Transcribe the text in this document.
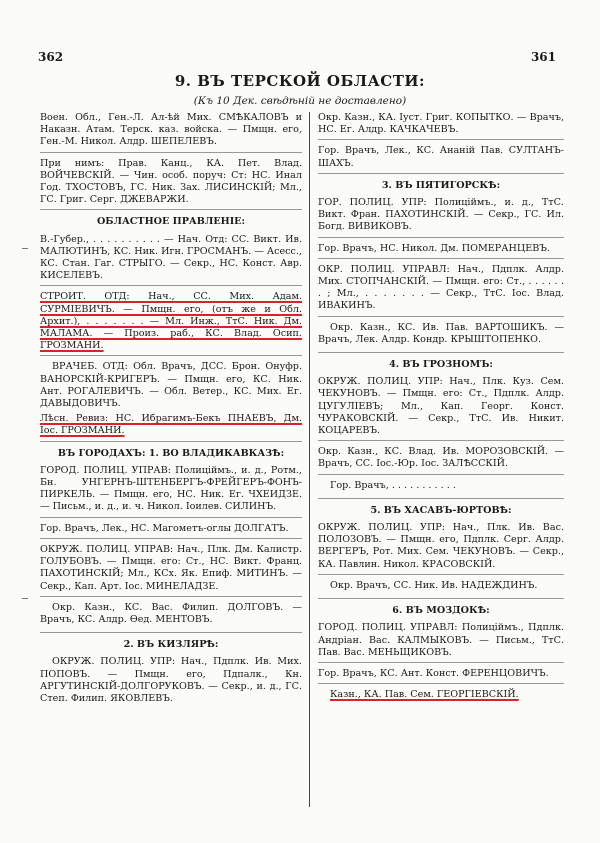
362	361
9. ВЪ ТЕРСКОЙ ОБЛАСТИ:
(Къ 10 Дек. свѣдѣній не доставлено)

Воен. Обл., Ген.-Л. Ал-ѣй Мих. СМѢКАЛОВЪ и Наказн. Атам. Терск. каз. войска. — Пмщн. его, Ген.-М. Никол. Алдр. ШЕПЕЛЕВЪ.

При нимъ: Прав. Канц., КА. Пет. Влад. ВОЙЧЕВСКІЙ. — Чин. особ. поруч: Ст: НС. Инал Год. ТХОСТОВЪ, ГС. Ник. Зах. ЛИСИНСКІЙ; Мл., ГС. Григ. Серг. ДЖЕВАРЖИ.

ОБЛАСТНОЕ ПРАВЛЕНІЕ:

В.-Губер., . . . . . . . . . . — Нач. Отд: СС. Викт. Ив. МАЛЮТИНЪ, КС. Ник. Игн. ГРОСМАНЪ. — Асесс., КС. Стан. Гаг. СТРЫГО. — Секр., НС. Конст. Авр. КИСЕЛЕВЪ.

СТРОИТ. ОТД: Нач., СС. Мих. Адам. СУРМІЕВИЧЪ. — Пмщн. его, (отъ же и Обл. Архит.), . . . . . . . — Мл. Инж., ТтС. Ник. Дм. МАЛАМА. — Произ. раб., КС. Влад. Осип. ГРОЗМАНИ.

ВРАЧЕБ. ОТД: Обл. Врачъ, ДСС. Брон. Онуфр. ВАНОРСКІЙ-КРИГЕРЪ. — Пмщн. его, КС. Ник. Ант. РОГАЛЕВИЧЪ. — Обл. Ветер., КС. Мих. Ег. ДАВЫДОВИЧЪ.

Лѣсн. Ревиз: НС. Ибрагимъ-Бекъ ПНАЕВЪ, Дм. Іос. ГРОЗМАНИ.

ВЪ ГОРОДАХЪ: 1. ВО ВЛАДИКАВКАЗѢ:

ГОРОД. ПОЛИЦ. УПРАВ: Полиціймъ., и. д., Ротм., Бн. УНГЕРНЪ-ШТЕНБЕРГЪ-ФРЕЙГЕРЪ-ФОНЪ-ПИРКЕЛЬ. — Пмщн. его, НС. Ник. Ег. ЧХЕИДЗЕ. — Письм., и. д., и. ч. Никол. Іоилев. СИЛИНЪ.

Гор. Врачъ, Лек., НС. Магометъ-оглы ДОЛГАТЪ.

ОКРУЖ. ПОЛИЦ. УПРАВ: Нач., Плк. Дм. Калистр. ГОЛУБОВЪ. — Пмщн. его: Ст., НС. Викт. Франц. ПАХОТИНСКІЙ; Мл., КСх. Як. Епиф. МИТИНЪ. — Секр., Кап. Арт. Іос. МИНЕЛАДЗЕ.

Окр. Казн., КС. Вас. Филип. ДОЛГОВЪ. — Врачъ, КС. Алдр. Ѳед. МЕНТОВЪ.

2. ВЪ КИЗЛЯРѢ:

ОКРУЖ. ПОЛИЦ. УПР: Нач., Пдплк. Ив. Мих. ПОПОВЪ. — Пмщн. его, Пдпалк., Кн. АРГУТИНСКІЙ-ДОЛГОРУКОВЪ. — Секр., и. д., ГС. Степ. Филип. ЯКОВЛЕВЪ.

Окр. Казн., КА. Іуст. Григ. КОПЫТКО. — Врачъ, НС. Ег. Алдр. КАЧКАЧЕВЪ.

Гор. Врачъ, Лек., КС. Ананій Пав. СУЛТАНЪ-ШАХЪ.

3. ВЪ ПЯТИГОРСКѢ:

ГОР. ПОЛИЦ. УПР: Полиціймъ., и. д., ТтС. Викт. Фран. ПАХОТИНСКІЙ. — Секр., ГС. Ил. Богд. ВИВИКОВЪ.

Гор. Врачъ, НС. Никол. Дм. ПОМЕРАНЦЕВЪ.

ОКР. ПОЛИЦ. УПРАВЛ: Нач., Пдплк. Алдр. Мих. СТОПЧАНСКІЙ. — Пмщн. его: Ст., . . . . . . . ; Мл., . . . . . . . — Секр., ТтС. Іос. Влад. ИВАКИНЪ.

Окр. Казн., КС. Ив. Пав. ВАРТОШИКЪ. — Врачъ, Лек. Алдр. Кондр. КРЫШТОПЕНКО.

4. ВЪ ГРОЗНОМЪ:

ОКРУЖ. ПОЛИЦ. УПР: Нач., Плк. Куз. Сем. ЧЕКУНОВЪ. — Пмщн. его: Ст., Пдплк. Алдр. ЦУГУЛІЕВЪ; Мл., Кап. Георг. Конст. ЧУРАКОВСКІЙ. — Секр., ТтС. Ив. Никит. КОЦАРЕВЪ.

Окр. Казн., КС. Влад. Ив. МОРОЗОВСКІЙ. — Врачъ, СС. Іос.-Юр. Іос. ЗАЛѢССКІЙ.

Гор. Врачъ, . . . . . . . . . . .

5. ВЪ ХАСАВЪ-ЮРТОВѢ:

ОКРУЖ. ПОЛИЦ. УПР: Нач., Плк. Ив. Вас. ПОЛОЗОВЪ. — Пмщн. его, Пдплк. Серг. Алдр. ВЕРГЕРЪ, Рот. Мих. Сем. ЧЕКУНОВЪ. — Секр., КА. Павлин. Никол. КРАСОВСКІЙ.

Окр. Врачъ, СС. Ник. Ив. НАДЕЖДИНЪ.

6. ВЪ МОЗДОКѢ:

ГОРОД. ПОЛИЦ. УПРАВЛ: Полиціймъ., Пдплк. Андріан. Вас. КАЛМЫКОВЪ. — Письм., ТтС. Пав. Вас. МЕНЬЩИКОВЪ.

Гор. Врачъ, КС. Ант. Конст. ФЕРЕНЦОВИЧЪ.

Казн., КА. Пав. Сем. ГЕОРГІЕВСКІЙ.
